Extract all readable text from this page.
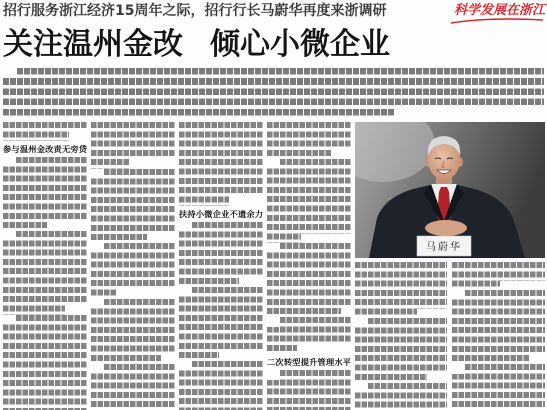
招行服务浙江经济15周年之际，招行行长马蔚华再度来浙调研	科学发展在浙江
关注温州金改 倾心小微企业
参与温州金改责无旁贷
扶持小微企业不遗余力
二次转型提升管理水平
马蔚华
